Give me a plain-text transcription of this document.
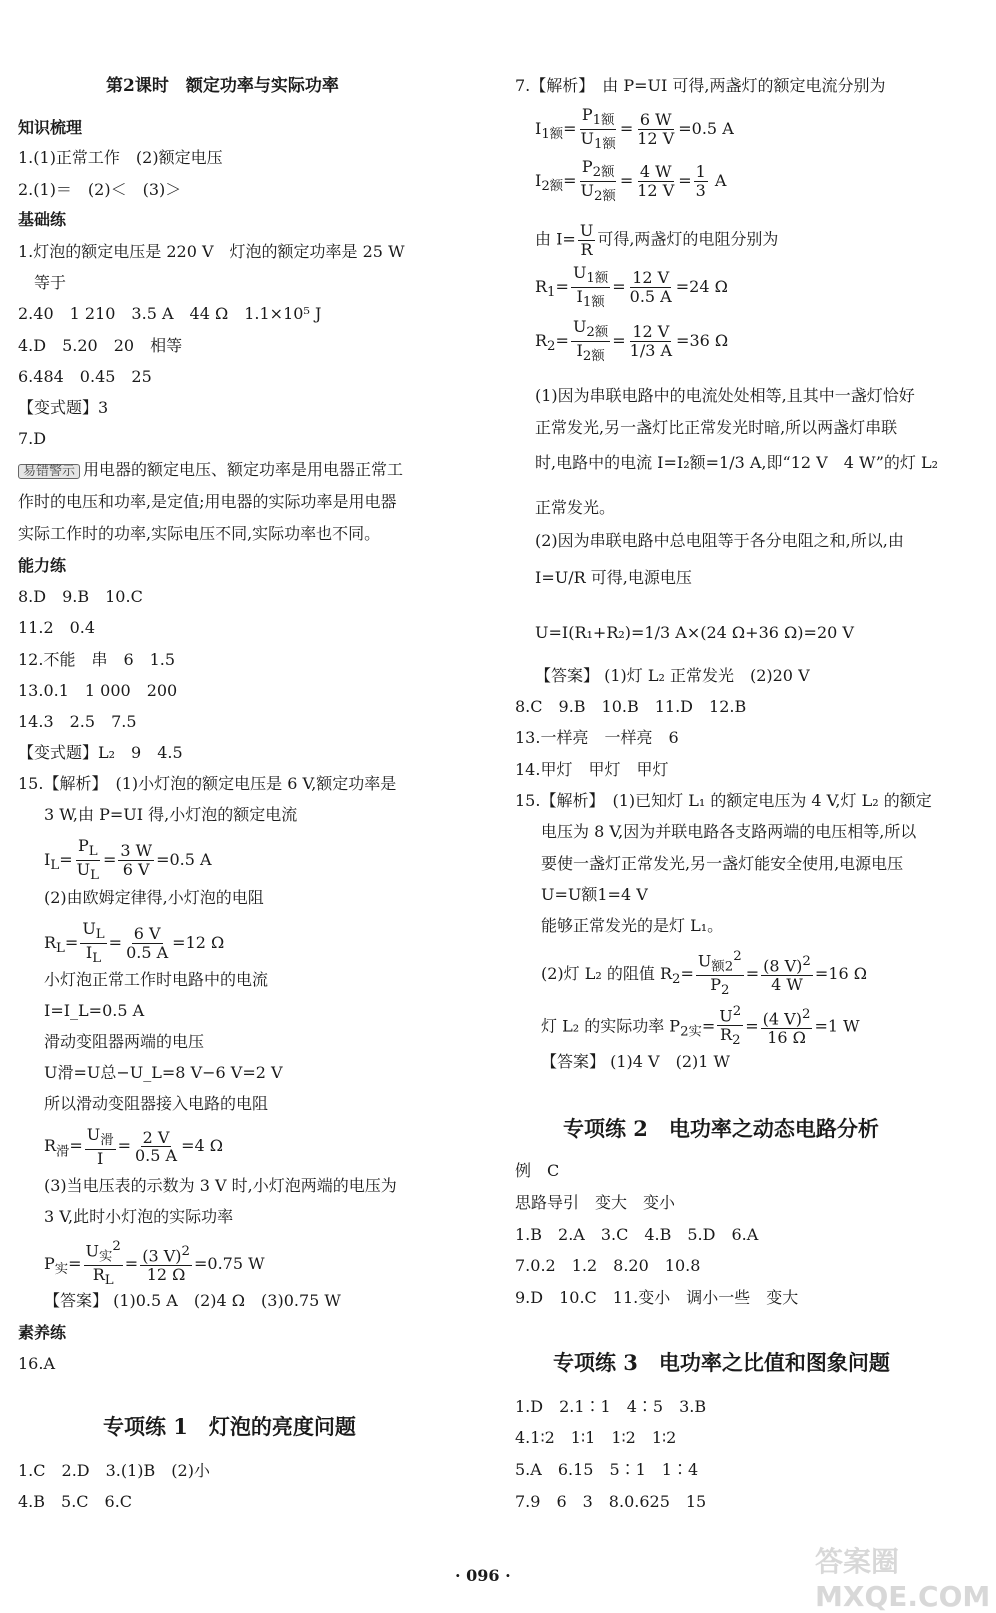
第2课时　额定功率与实际功率
知识梳理
1.(1)正常工作　(2)额定电压
2.(1)＝　(2)＜　(3)＞
基础练
1.灯泡的额定电压是 220 V　灯泡的额定功率是 25 W
等于
2.40　1 210　3.5 A　44 Ω　1.1×10⁵ J
4.D　5.20　20　相等
6.484　0.45　25
【变式题】3
7.D
易错警示 用电器的额定电压、额定功率是用电器正常工
作时的电压和功率,是定值;用电器的实际功率是用电器
实际工作时的功率,实际电压不同,实际功率也不同。
能力练
8.D　9.B　10.C
11.2　0.4
12.不能　串　6　1.5
13.0.1　1 000　200
14.3　2.5　7.5
【变式题】L₂　9　4.5
15.【解析】　(1)小灯泡的额定电压是 6 V,额定功率是
3 W,由 P=UI 得,小灯泡的额定电流
$I_L= \frac{P_L}{U_L} = \frac{3 W}{6 V} =0.5$ A
(2)由欧姆定律得,小灯泡的电阻
$R_L= \frac{U_L}{I_L} = \frac{6 V}{0.5 A} =12$ Ω
小灯泡正常工作时电路中的电流
I=I_L=0.5 A
滑动变阻器两端的电压
U滑=U总−U_L=8 V−6 V=2 V
所以滑动变阻器接入电路的电阻
$R_滑= \frac{U_滑}{I} = \frac{2 V}{0.5 A} =4$ Ω
(3)当电压表的示数为 3 V 时,小灯泡两端的电压为
3 V,此时小灯泡的实际功率
$P_实= \frac{U_实^2}{R_L} = \frac{(3 V)^2}{12 \Omega} =0.75$ W
【答案】 (1)0.5 A　(2)4 Ω　(3)0.75 W
素养练
16.A
专项练 1　灯泡的亮度问题
1.C　2.D　3.(1)B　(2)小
4.B　5.C　6.C
7.【解析】　由 P=UI 可得,两盏灯的额定电流分别为
$I_{1额}= \frac{P_{1额}}{U_{1额}} = \frac{6 W}{12 V} =0.5$ A
$I_{2额}= \frac{P_{2额}}{U_{2额}} = \frac{4 W}{12 V} = \frac{1}{3}$ A
由 $I= \frac{U}{R}$ 可得,两盏灯的电阻分别为
$R_1= \frac{U_{1额}}{I_{1额}} = \frac{12 V}{0.5 A} =24$ Ω
$R_2= \frac{U_{2额}}{I_{2额}} = \frac{12 V}{1/3 A} =36$ Ω
(1)因为串联电路中的电流处处相等,且其中一盏灯恰好
正常发光,另一盏灯比正常发光时暗,所以两盏灯串联
时,电路中的电流 I=I₂额=1/3 A,即“12 V　4 W”的灯 L₂
正常发光。
(2)因为串联电路中总电阻等于各分电阻之和,所以,由
I=U/R 可得,电源电压
U=I(R₁+R₂)=1/3 A×(24 Ω+36 Ω)=20 V
【答案】 (1)灯 L₂ 正常发光　(2)20 V
8.C　9.B　10.B　11.D　12.B
13.一样亮　一样亮　6
14.甲灯　甲灯　甲灯
15.【解析】　(1)已知灯 L₁ 的额定电压为 4 V,灯 L₂ 的额定
电压为 8 V,因为并联电路各支路两端的电压相等,所以
要使一盏灯正常发光,另一盏灯能安全使用,电源电压
U=U额1=4 V
能够正常发光的是灯 L₁。
(2)灯 L₂ 的阻值 $R_2= \frac{U_{额2}^2}{P_2} = \frac{(8 V)^2}{4 W} =16$ Ω
灯 L₂ 的实际功率 $P_{2实}= \frac{U^2}{R_2} = \frac{(4 V)^2}{16 \Omega} =1$ W
【答案】 (1)4 V　(2)1 W
专项练 2　电功率之动态电路分析
例　C
思路导引　变大　变小
1.B　2.A　3.C　4.B　5.D　6.A
7.0.2　1.2　8.20　10.8
9.D　10.C　11.变小　调小一些　变大
专项练 3　电功率之比值和图象问题
1.D　2.1∶1　4∶5　3.B
4.1∶2　1∶1　1∶2　1∶2
5.A　6.15　5∶1　1∶4
7.9　6　3　8.0.625　15
· 096 ·	答案圈 MXQE.COM
